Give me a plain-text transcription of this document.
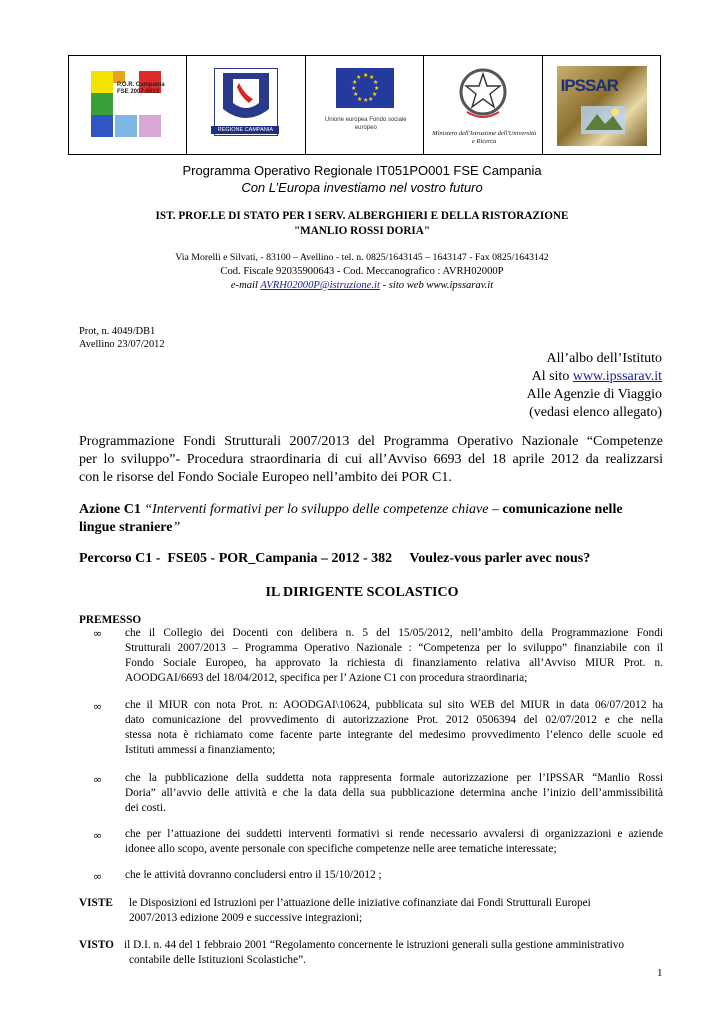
P.O.R. Campania FSE 2007-2013

REGIONE CAMPANIA

★ ★
★
★
★
★
★
★
★
★
★
★
Unione europea Fondo sociale europeo

Ministero dell'Istruzione dell'Università e Ricerca

IPSSAR
Programma Operativo Regionale IT051PO001 FSE Campania
Con L’Europa investiamo nel vostro futuro
IST. PROF.LE DI STATO PER I SERV. ALBERGHIERI E DELLA RISTORAZIONE
"MANLIO ROSSI DORIA"
Via Morelli e Silvati, - 83100 – Avellino - tel. n. 0825/1643145 – 1643147 - Fax 0825/1643142
Cod. Fiscale 92035900643 - Cod. Meccanografico : AVRH02000P
e-mail AVRH02000P@istruzione.it - sito web www.ipssarav.it
Prot, n. 4049/DB1
Avellino 23/07/2012
All’albo dell’Istituto
Al sito www.ipssarav.it
Alle Agenzie di Viaggio
(vedasi elenco allegato)
Programmazione Fondi Strutturali 2007/2013 del Programma Operativo Nazionale “Competenze
per lo sviluppo”- Procedura straordinaria di cui all’Avviso 6693 del 18 aprile 2012 da realizzarsi
con le risorse del Fondo Sociale Europeo nell’ambito dei POR C1.
Azione C1 “Interventi formativi per lo sviluppo delle competenze chiave – comunicazione nelle
lingue straniere”
Percorso C1 -  FSE05 - POR_Campania – 2012 - 382     Voulez-vous parler avec nous?
IL DIRIGENTE SCOLASTICO
PREMESSO
∞ che il Collegio dei Docenti con delibera n. 5 del 15/05/2012, nell’ambito della Programmazione Fondi
Strutturali 2007/2013 – Programma Operativo Nazionale : “Competenza per lo sviluppo” finanziabile con il
Fondo Sociale Europeo, ha approvato la richiesta di finanziamento relativa all’Avviso MIUR Prot. n.
AOODGAI/6693 del 18/04/2012, specifica per l’ Azione C1 con procedura straordinaria;
∞ che il MIUR con nota Prot. n: AOODGAI\10624, pubblicata sul sito WEB del MIUR in data 06/07/2012 ha
dato comunicazione del provvedimento di autorizzazione Prot. 2012 0506394 del 02/07/2012 e che nella
stessa nota è richiamato come facente parte integrante del medesimo provvedimento l’elenco delle scuole ed
Istituti ammessi a finanziamento;
∞ che la pubblicazione della suddetta nota rappresenta formale autorizzazione per l’IPSSAR “Manlio Rossi
Doria” all’avvio delle attività e che la data della sua pubblicazione determina anche l’inizio dell’ammissibilità
dei costi.
∞ che per l’attuazione dei suddetti interventi formativi si rende necessario avvalersi di organizzazioni e aziende
idonee allo scopo, avente personale con specifiche competenze nelle aree tematiche interessate;
∞ che le attività dovranno concludersi entro il 15/10/2012 ;
VISTE le Disposizioni ed Istruzioni per l’attuazione delle iniziative cofinanziate dai Fondi Strutturali Europei
2007/2013 edizione 2009 e successive integrazioni;
VISTO il D.I. n. 44 del 1 febbraio 2001 “Regolamento concernente le istruzioni generali sulla gestione amministrativo
contabile delle Istituzioni Scolastiche”.
1
